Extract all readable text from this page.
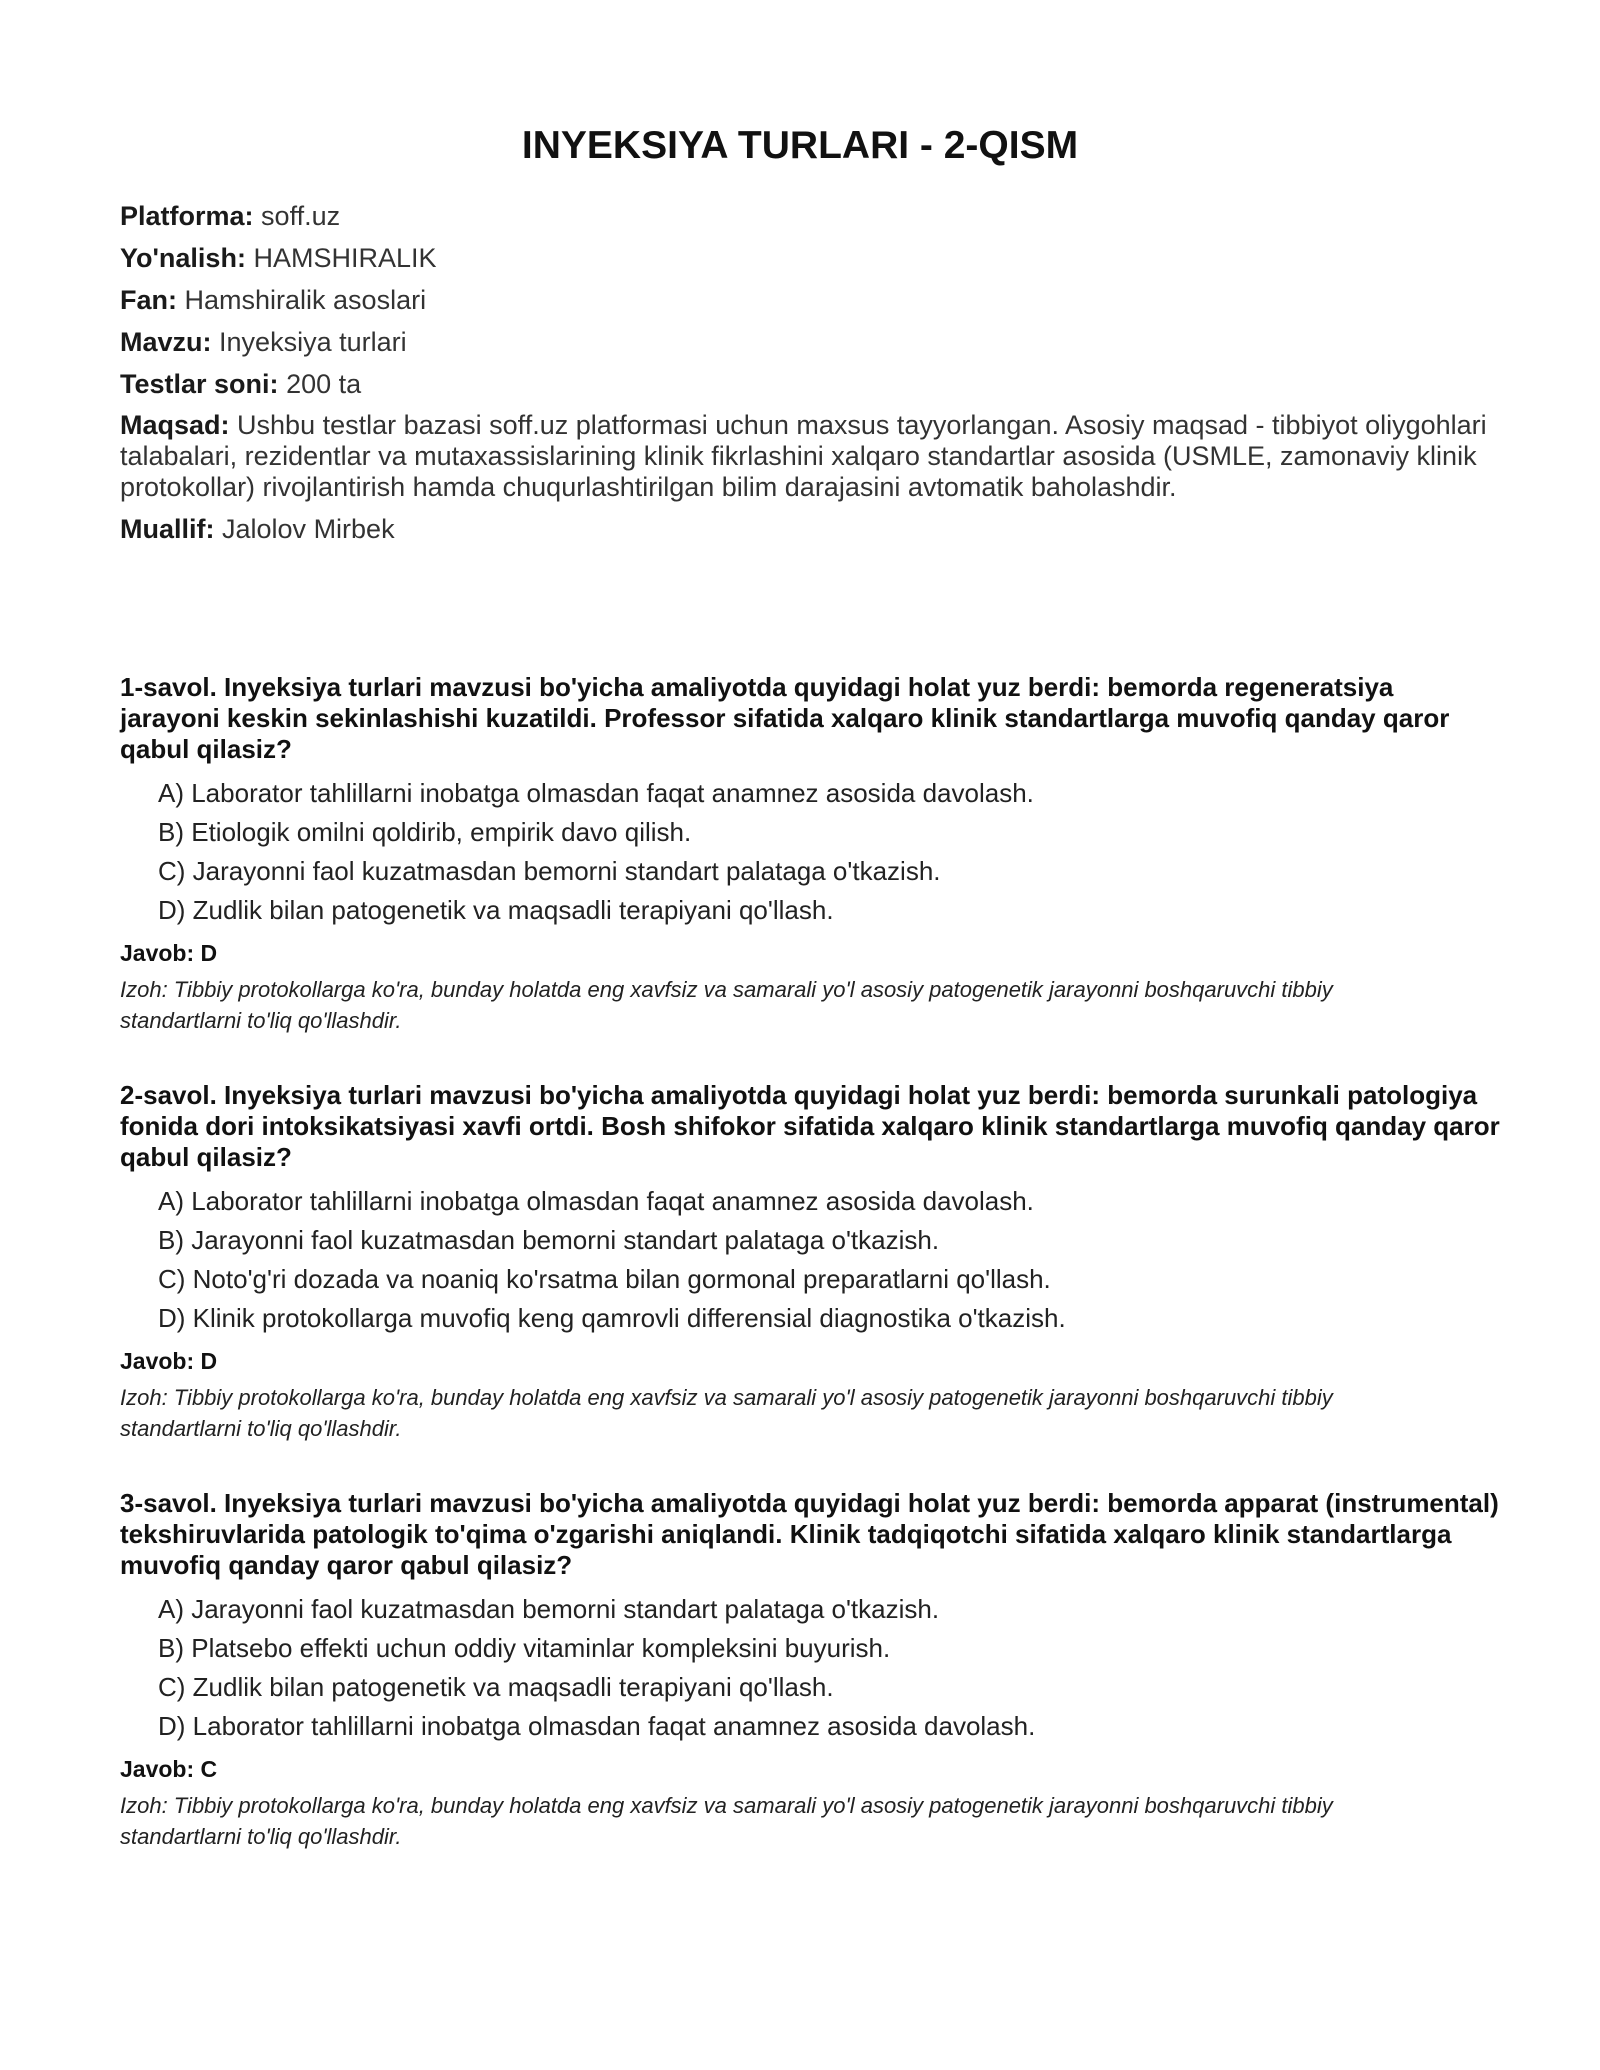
INYEKSIYA TURLARI - 2-QISM
Platforma: soff.uz
Yo'nalish: HAMSHIRALIK
Fan: Hamshiralik asoslari
Mavzu: Inyeksiya turlari
Testlar soni: 200 ta
Maqsad: Ushbu testlar bazasi soff.uz platformasi uchun maxsus tayyorlangan. Asosiy maqsad - tibbiyot oliygohlari talabalari, rezidentlar va mutaxassislarining klinik fikrlashini xalqaro standartlar asosida (USMLE, zamonaviy klinik protokollar) rivojlantirish hamda chuqurlashtirilgan bilim darajasini avtomatik baholashdir.
Muallif: Jalolov Mirbek
1-savol. Inyeksiya turlari mavzusi bo'yicha amaliyotda quyidagi holat yuz berdi: bemorda regeneratsiya jarayoni keskin sekinlashishi kuzatildi. Professor sifatida xalqaro klinik standartlarga muvofiq qanday qaror qabul qilasiz?
A) Laborator tahlillarni inobatga olmasdan faqat anamnez asosida davolash.
B) Etiologik omilni qoldirib, empirik davo qilish.
C) Jarayonni faol kuzatmasdan bemorni standart palataga o'tkazish.
D) Zudlik bilan patogenetik va maqsadli terapiyani qo'llash.
Javob: D
Izoh: Tibbiy protokollarga ko'ra, bunday holatda eng xavfsiz va samarali yo'l asosiy patogenetik jarayonni boshqaruvchi tibbiy standartlarni to'liq qo'llashdir.
2-savol. Inyeksiya turlari mavzusi bo'yicha amaliyotda quyidagi holat yuz berdi: bemorda surunkali patologiya fonida dori intoksikatsiyasi xavfi ortdi. Bosh shifokor sifatida xalqaro klinik standartlarga muvofiq qanday qaror qabul qilasiz?
A) Laborator tahlillarni inobatga olmasdan faqat anamnez asosida davolash.
B) Jarayonni faol kuzatmasdan bemorni standart palataga o'tkazish.
C) Noto'g'ri dozada va noaniq ko'rsatma bilan gormonal preparatlarni qo'llash.
D) Klinik protokollarga muvofiq keng qamrovli differensial diagnostika o'tkazish.
Javob: D
Izoh: Tibbiy protokollarga ko'ra, bunday holatda eng xavfsiz va samarali yo'l asosiy patogenetik jarayonni boshqaruvchi tibbiy standartlarni to'liq qo'llashdir.
3-savol. Inyeksiya turlari mavzusi bo'yicha amaliyotda quyidagi holat yuz berdi: bemorda apparat (instrumental) tekshiruvlarida patologik to'qima o'zgarishi aniqlandi. Klinik tadqiqotchi sifatida xalqaro klinik standartlarga muvofiq qanday qaror qabul qilasiz?
A) Jarayonni faol kuzatmasdan bemorni standart palataga o'tkazish.
B) Platsebo effekti uchun oddiy vitaminlar kompleksini buyurish.
C) Zudlik bilan patogenetik va maqsadli terapiyani qo'llash.
D) Laborator tahlillarni inobatga olmasdan faqat anamnez asosida davolash.
Javob: C
Izoh: Tibbiy protokollarga ko'ra, bunday holatda eng xavfsiz va samarali yo'l asosiy patogenetik jarayonni boshqaruvchi tibbiy standartlarni to'liq qo'llashdir.
